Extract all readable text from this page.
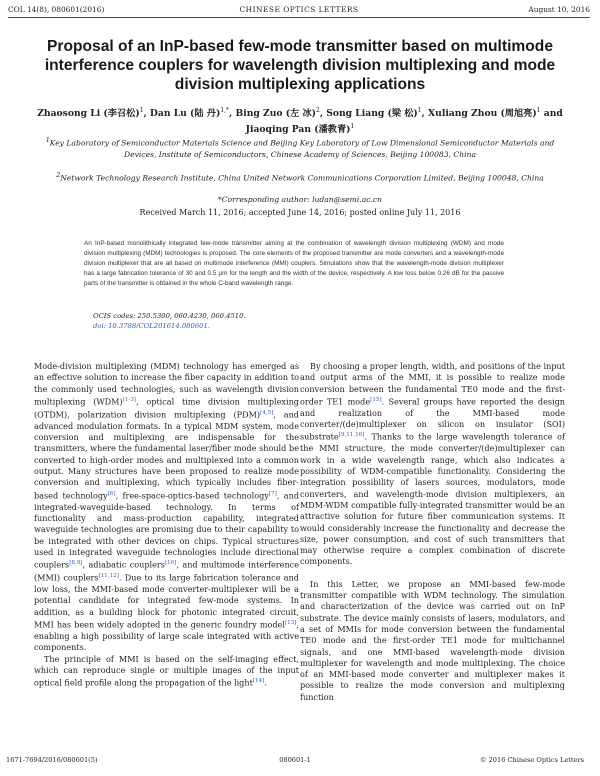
COL 14(8), 080601(2016)	CHINESE OPTICS LETTERS	August 10, 2016
Proposal of an InP-based few-mode transmitter based on multimode interference couplers for wavelength division multiplexing and mode division multiplexing applications
Zhaosong Li (李召松)$^1$, Dan Lu (陆 丹)$^{1,*}$, Bing Zuo (左 冰)$^2$, Song Liang (梁 松)$^1$, Xuliang Zhou (周旭亮)$^1$ and Jiaoqing Pan (潘教青)$^1$
$^1$Key Laboratory of Semiconductor Materials Science and Beijing Key Laboratory of Low Dimensional Semiconductor Materials and Devices, Institute of Semiconductors, Chinese Academy of Sciences, Beijing 100083, China
$^2$Network Technology Research Institute, China United Network Communications Corporation Limited, Beijing 100048, China
*Corresponding author: ludan@semi.ac.cn
Received March 11, 2016; accepted June 14, 2016; posted online July 11, 2016
An InP-based monolithically integrated few-mode transmitter aiming at the combination of wavelength division multiplexing (WDM) and mode division multiplexing (MDM) technologies is proposed. The core elements of the proposed transmitter are mode converters and a wavelength-mode division multiplexer that are all based on multimode interference (MMI) couplers. Simulations show that the wavelength-mode division multiplexer has a large fabrication tolerance of 30 and 0.5 μm for the length and the width of the device, respectively. A low loss below 0.26 dB for the passive parts of the transmitter is obtained in the whole C-band wavelength range.
OCIS codes: 250.5300, 060.4230, 060.4510.
doi: 10.3788/COL201614.080601.

Mode-division multiplexing (MDM) technology has emerged as an effective solution to increase the fiber capacity in addition to the commonly used technologies, such as wavelength division multiplexing (WDM)[1-3], optical time division multiplexing (OTDM), polarization division multiplexing (PDM)[4,5], and advanced modulation formats. In a typical MDM system, mode conversion and multiplexing are indispensable for the transmitters, where the fundamental laser/fiber mode should be converted to high-order modes and multiplexed into a common output. Many structures have been proposed to realize mode conversion and multiplexing, which typically includes fiber-based technology[6], free-space-optics-based technology[7], and integrated-waveguide-based technology. In terms of functionality and mass-production capability, integrated waveguide technologies are promising due to their capability to be integrated with other devices on chips. Typical structures used in integrated waveguide technologies include directional couplers[8,9], adiabatic couplers[10], and multimode interference (MMI) couplers[11,12]. Due to its large fabrication tolerance and low loss, the MMI-based mode converter-multiplexer will be a potential candidate for integrated few-mode systems. In addition, as a building block for photonic integrated circuit, MMI has been widely adopted in the generic foundry model[13], enabling a high possibility of large scale integrated with active components.

The principle of MMI is based on the self-imaging effect, which can reproduce single or multiple images of the input optical field profile along the propagation of the light[14].

By choosing a proper length, width, and positions of the input and output arms of the MMI, it is possible to realize mode conversion between the fundamental TE0 mode and the first-order TE1 mode[15]. Several groups have reported the design and realization of the MMI-based mode converter/(de)multiplexer on silicon on insulator (SOI) substrate[9,11,16]. Thanks to the large wavelength tolerance of the MMI structure, the mode converter/(de)multiplexer can work in a wide wavelength range, which also indicates a possibility of WDM-compatible functionality. Considering the integration possibility of lasers sources, modulators, mode converters, and wavelength-mode division multiplexers, an MDM-WDM compatible fully-integrated transmitter would be an attractive solution for future fiber communication systems. It would considerably increase the functionality and decrease the size, power consumption, and cost of such transmitters that may otherwise require a complex combination of discrete components.

In this Letter, we propose an MMI-based few-mode transmitter compatible with WDM technology. The simulation and characterization of the device was carried out on InP substrate. The device mainly consists of lasers, modulators, and a set of MMIs for mode conversion between the fundamental TE0 mode and the first-order TE1 mode for multichannel signals, and one MMI-based wavelength-mode division multiplexer for wavelength and mode multiplexing. The choice of an MMI-based mode converter and multiplexer makes it possible to realize the mode conversion and multiplexing function

1671-7694/2016/080601(5)	080601-1	© 2016 Chinese Optics Letters
